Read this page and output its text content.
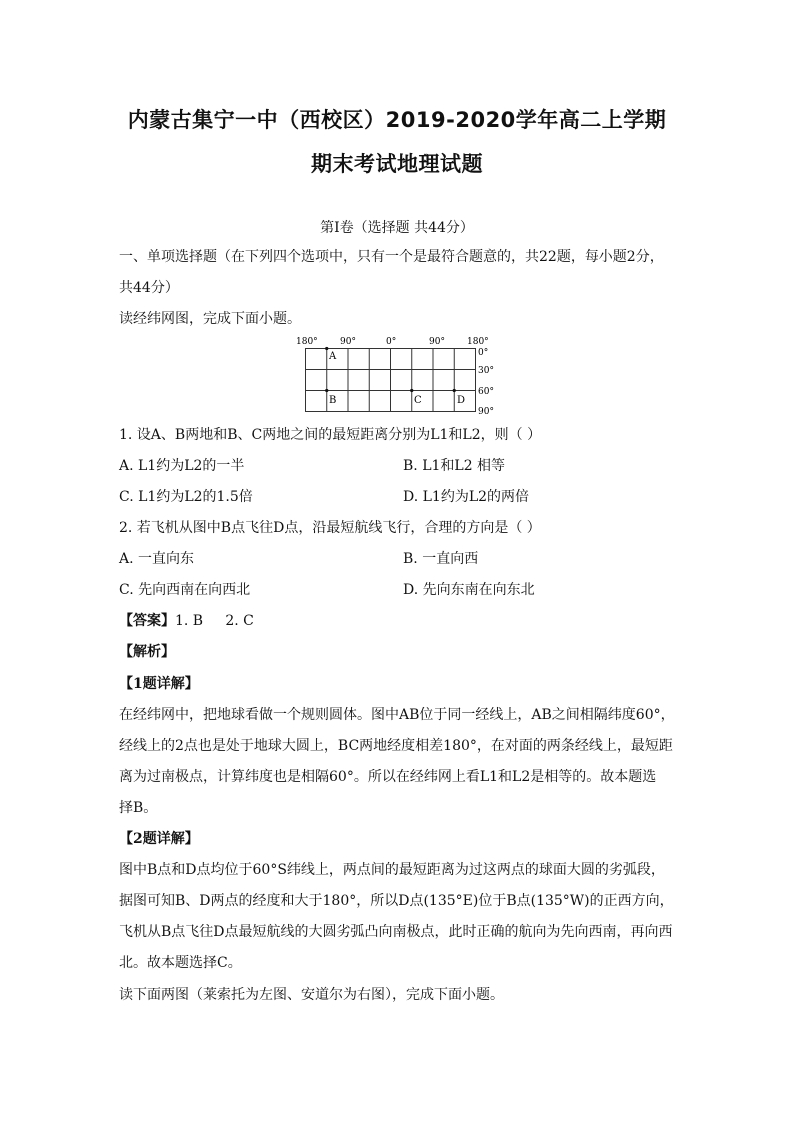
内蒙古集宁一中（西校区）2019-2020学年高二上学期
期末考试地理试题
第Ⅰ卷（选择题 共44分）
一、单项选择题（在下列四个选项中，只有一个是最符合题意的，共22题，每小题2分，
共44分）
读经纬网图，完成下面小题。
180° 90°	0°	90° 180°
0°
30°
60°
90°
A
B	C	D
1. 设A、B两地和B、C两地之间的最短距离分别为L1和L2，则（ ）
A. L1约为L2的一半	B. L1和L2 相等
C. L1约为L2的1.5倍	D. L1约为L2的两倍
2. 若飞机从图中B点飞往D点，沿最短航线飞行，合理的方向是（ ）
A. 一直向东	B. 一直向西
C. 先向西南在向西北	D. 先向东南在向东北
【答案】1. B     2. C
【解析】
【1题详解】
在经纬网中，把地球看做一个规则圆体。图中AB位于同一经线上，AB之间相隔纬度60°，
经线上的2点也是处于地球大圆上，BC两地经度相差180°，在对面的两条经线上，最短距
离为过南极点，计算纬度也是相隔60°。所以在经纬网上看L1和L2是相等的。故本题选
择B。
【2题详解】
图中B点和D点均位于60°S纬线上，两点间的最短距离为过这两点的球面大圆的劣弧段，
据图可知B、D两点的经度和大于180°，所以D点(135°E)位于B点(135°W)的正西方向，
飞机从B点飞往D点最短航线的大圆劣弧凸向南极点，此时正确的航向为先向西南，再向西
北。故本题选择C。
读下面两图（莱索托为左图、安道尔为右图），完成下面小题。
